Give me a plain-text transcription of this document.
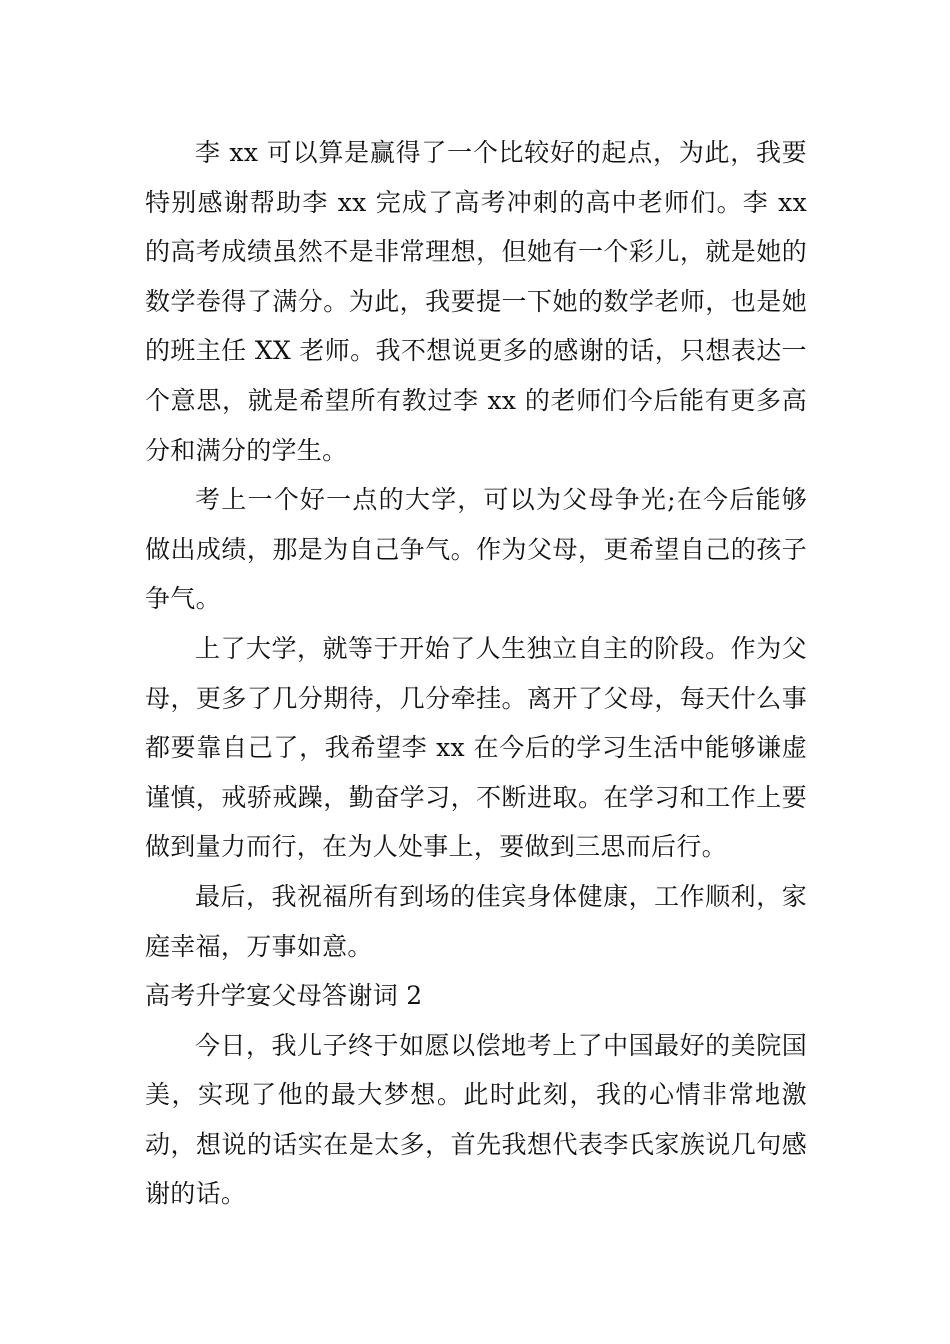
李 xx 可以算是赢得了一个比较好的起点，为此，我要特别感谢帮助李 xx 完成了高考冲刺的高中老师们。李 xx 的高考成绩虽然不是非常理想，但她有一个彩儿，就是她的数学卷得了满分。为此，我要提一下她的数学老师，也是她的班主任 XX 老师。我不想说更多的感谢的话，只想表达一个意思，就是希望所有教过李 xx 的老师们今后能有更多高分和满分的学生。

考上一个好一点的大学，可以为父母争光;在今后能够做出成绩，那是为自己争气。作为父母，更希望自己的孩子争气。

上了大学，就等于开始了人生独立自主的阶段。作为父母，更多了几分期待，几分牵挂。离开了父母，每天什么事都要靠自己了，我希望李 xx 在今后的学习生活中能够谦虚谨慎，戒骄戒躁，勤奋学习，不断进取。在学习和工作上要做到量力而行，在为人处事上，要做到三思而后行。

最后，我祝福所有到场的佳宾身体健康，工作顺利，家庭幸福，万事如意。

高考升学宴父母答谢词 2

今日，我儿子终于如愿以偿地考上了中国最好的美院国美，实现了他的最大梦想。此时此刻，我的心情非常地激动，想说的话实在是太多，首先我想代表李氏家族说几句感谢的话。
